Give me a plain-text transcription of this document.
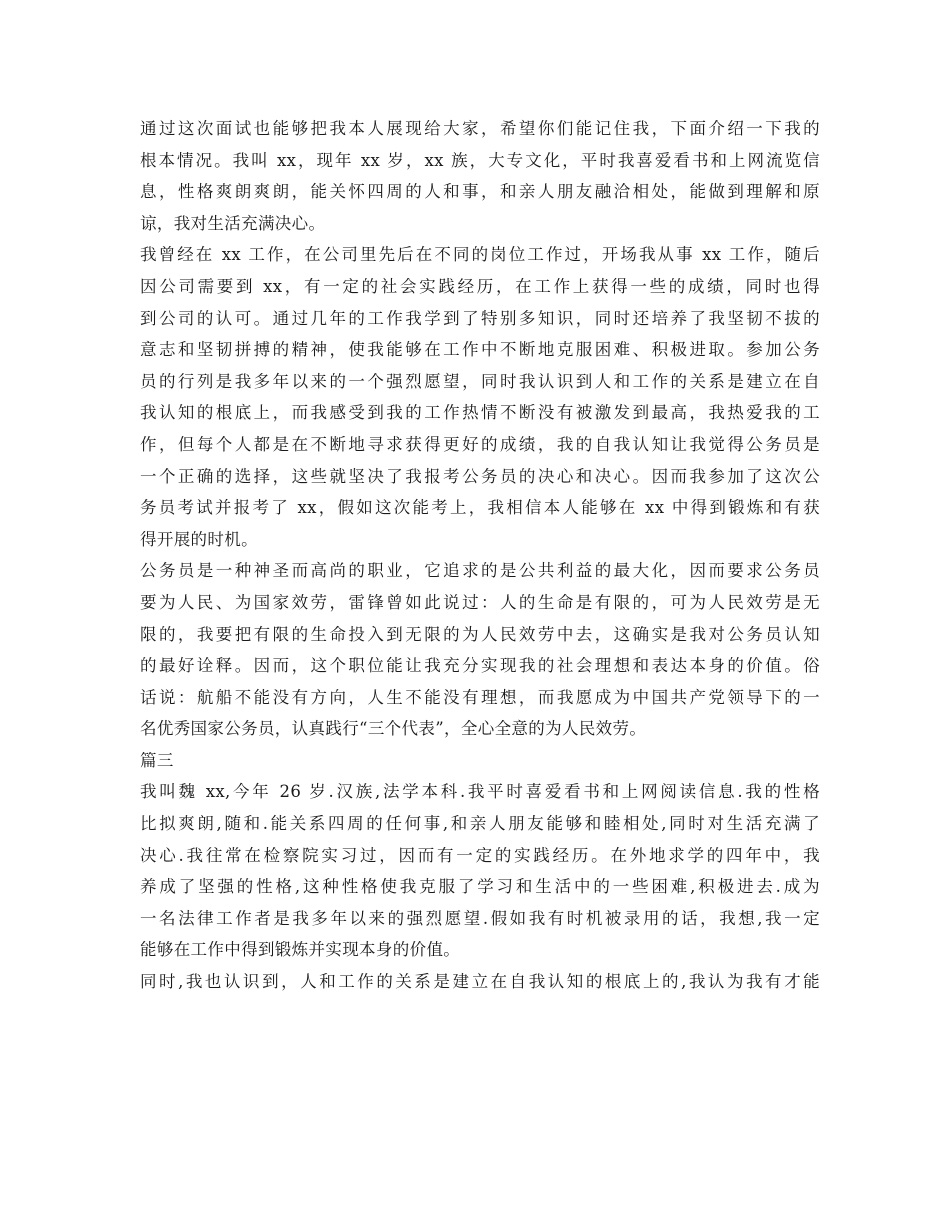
通过这次面试也能够把我本人展现给大家，希望你们能记住我，下面介绍一下我的
根本情况。我叫 xx，现年 xx 岁，xx 族，大专文化，平时我喜爱看书和上网流览信
息，性格爽朗爽朗，能关怀四周的人和事，和亲人朋友融洽相处，能做到理解和原
谅，我对生活充满决心。
我曾经在 xx 工作，在公司里先后在不同的岗位工作过，开场我从事 xx 工作，随后
因公司需要到 xx，有一定的社会实践经历，在工作上获得一些的成绩，同时也得
到公司的认可。通过几年的工作我学到了特别多知识，同时还培养了我坚韧不拔的
意志和坚韧拼搏的精神，使我能够在工作中不断地克服困难、积极进取。参加公务
员的行列是我多年以来的一个强烈愿望，同时我认识到人和工作的关系是建立在自
我认知的根底上，而我感受到我的工作热情不断没有被激发到最高，我热爱我的工
作，但每个人都是在不断地寻求获得更好的成绩，我的自我认知让我觉得公务员是
一个正确的选择，这些就坚决了我报考公务员的决心和决心。因而我参加了这次公
务员考试并报考了 xx，假如这次能考上，我相信本人能够在 xx 中得到锻炼和有获
得开展的时机。
公务员是一种神圣而高尚的职业，它追求的是公共利益的最大化，因而要求公务员
要为人民、为国家效劳，雷锋曾如此说过：人的生命是有限的，可为人民效劳是无
限的，我要把有限的生命投入到无限的为人民效劳中去，这确实是我对公务员认知
的最好诠释。因而，这个职位能让我充分实现我的社会理想和表达本身的价值。俗
话说：航船不能没有方向，人生不能没有理想，而我愿成为中国共产党领导下的一
名优秀国家公务员，认真践行“三个代表”，全心全意的为人民效劳。
篇三
我叫魏 xx,今年 26 岁.汉族,法学本科.我平时喜爱看书和上网阅读信息.我的性格
比拟爽朗,随和.能关系四周的任何事,和亲人朋友能够和睦相处,同时对生活充满了
决心.我往常在检察院实习过，因而有一定的实践经历。在外地求学的四年中，我
养成了坚强的性格,这种性格使我克服了学习和生活中的一些困难,积极进去.成为
一名法律工作者是我多年以来的强烈愿望.假如我有时机被录用的话，我想,我一定
能够在工作中得到锻炼并实现本身的价值。
同时,我也认识到，人和工作的关系是建立在自我认知的根底上的,我认为我有才能
